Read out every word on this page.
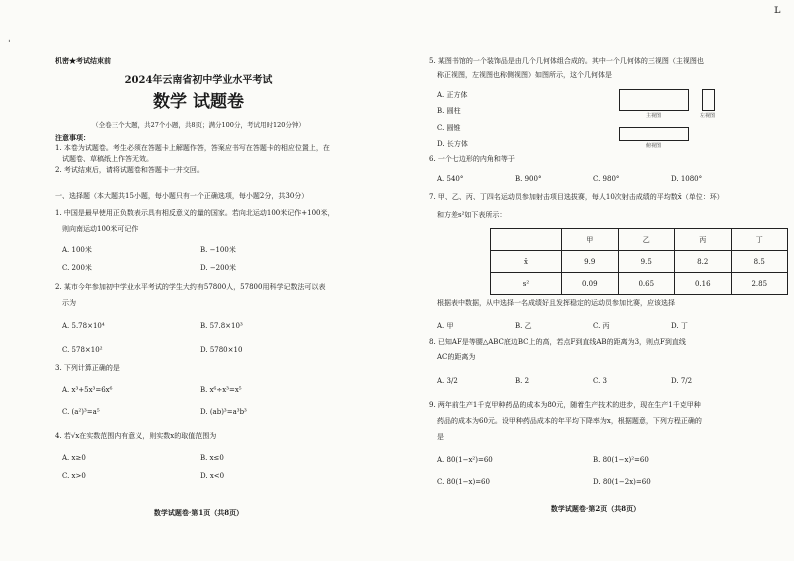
ˈ
机密★考试结束前
2024年云南省初中学业水平考试
数学 试题卷
（全卷三个大题，共27个小题，共8页；满分100分，考试用时120分钟）
注意事项：
1. 本卷为试题卷。考生必须在答题卡上解题作答，答案应书写在答题卡的相应位置上，在
试题卷、草稿纸上作答无效。
2. 考试结束后，请将试题卷和答题卡一并交回。
一、选择题（本大题共15小题，每小题只有一个正确选项，每小题2分，共30分）
1. 中国是最早使用正负数表示具有相反意义的量的国家。若向北运动100米记作+100米，
则向南运动100米可记作
A. 100米	B. −100米
C. 200米	D. −200米
2. 某市今年参加初中学业水平考试的学生大约有57800人，57800用科学记数法可以表
示为
A. 5.78×10⁴	B. 57.8×10³
C. 578×10²	D. 5780×10
3. 下列计算正确的是
A. x³+5x³=6x⁶	B. x⁶÷x³=x⁵
C. (a²)³=a⁵	D. (ab)³=a³b³
4. 若√x在实数范围内有意义，则实数x的取值范围为
A. x≥0	B. x≤0
C. x>0	D. x<0
数学试题卷·第1页（共8页）
ʟ
5. 某图书馆的一个装饰品是由几个几何体组合成的。其中一个几何体的三视图（主视图也
称正视图，左视图也称侧视图）如图所示，这个几何体是
A. 正方体
B. 圆柱
C. 圆锥
D. 长方体
主视图	左视图
俯视图
6. 一个七边形的内角和等于
A. 540°	B. 900°	C. 980°	D. 1080°
7. 甲、乙、丙、丁四名运动员参加射击项目选拔赛，每人10次射击成绩的平均数x̄（单位：环）
和方差s²如下表所示：
	甲	乙	丙	丁
x̄	9.9	9.5	8.2	8.5
s²	0.09	0.65	0.16	2.85
根据表中数据，从中选择一名成绩好且发挥稳定的运动员参加比赛，应该选择
A. 甲	B. 乙	C. 丙	D. 丁
8. 已知AF是等腰△ABC底边BC上的高，若点F到直线AB的距离为3，则点F到直线
AC的距离为
A. 3/2	B. 2	C. 3	D. 7/2
9. 两年前生产1千克甲种药品的成本为80元，随着生产技术的进步，现在生产1千克甲种
药品的成本为60元。设甲种药品成本的年平均下降率为x，根据题意，下列方程正确的
是
A. 80(1−x²)=60	B. 80(1−x)²=60
C. 80(1−x)=60	D. 80(1−2x)=60
数学试题卷·第2页（共8页）
